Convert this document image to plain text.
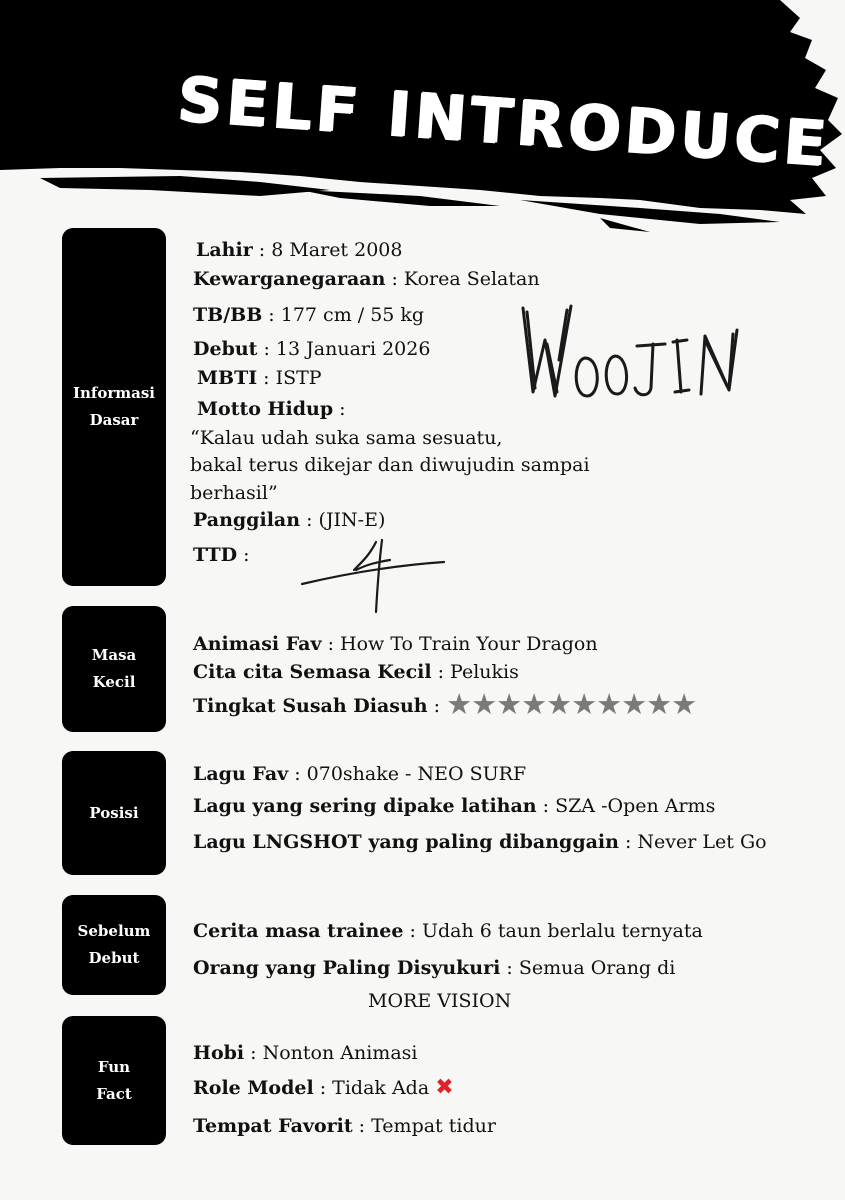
SELF INTRODUCE
Informasi
Dasar
Masa
Kecil
Posisi
Sebelum
Debut
Fun
Fact
Lahir : 8 Maret 2008
Kewarganegaraan : Korea Selatan
TB/BB : 177 cm / 55 kg
Debut : 13 Januari 2026
MBTI : ISTP
Motto Hidup :
“Kalau udah suka sama sesuatu,
bakal terus dikejar dan diwujudin sampai
berhasil”
Panggilan : (JIN-E)
TTD :
Animasi Fav : How To Train Your Dragon
Cita cita Semasa Kecil : Pelukis
Tingkat Susah Diasuh : ★★★★★★★★★★
Lagu Fav : 070shake - NEO SURF
Lagu yang sering dipake latihan : SZA -Open Arms
Lagu LNGSHOT yang paling dibanggain : Never Let Go
Cerita masa trainee : Udah 6 taun berlalu ternyata
Orang yang Paling Disyukuri : Semua Orang di
MORE VISION
Hobi : Nonton Animasi
Role Model : Tidak Ada ✖
Tempat Favorit : Tempat tidur
